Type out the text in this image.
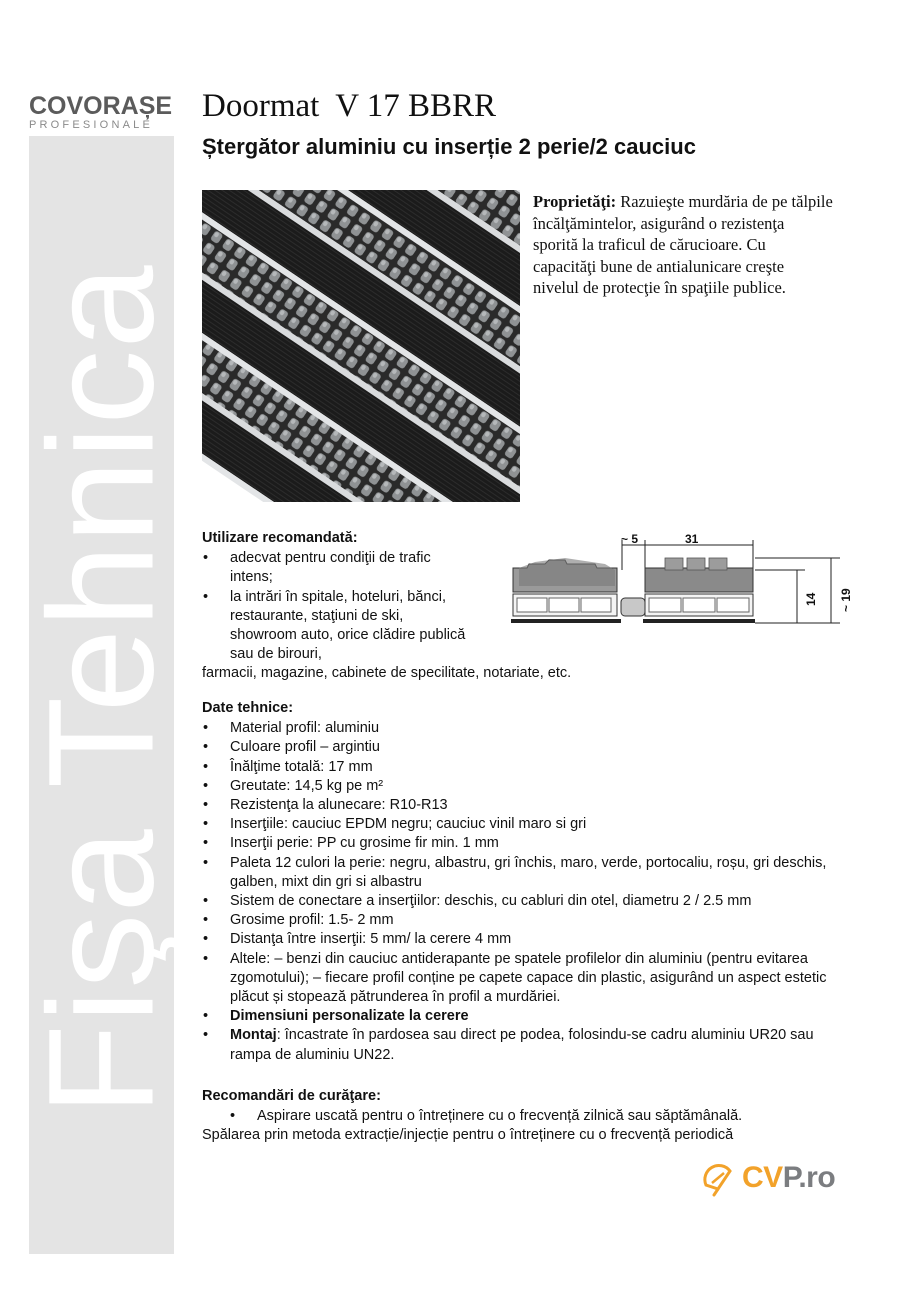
Fişa Tehnica
COVORAȘE
PROFESIONALE
Doormat  V 17 BBRR
Ștergător aluminiu cu inserție 2 perie/2 cauciuc
Proprietăţi: Razuieşte murdăria de pe tălpile încălţămintelor, asigurând o rezistenţa sporită la traficul de cărucioare. Cu capacităţi bune de antialunicare creşte nivelul de protecţie în spaţiile publice.
Utilizare recomandată:
• adecvat pentru condiţii de trafic intens;
• la intrări în spitale, hoteluri, bănci, restaurante, staţiuni de ski, showroom auto, orice clădire publică sau de birouri,
farmacii, magazine, cabinete de specilitate, notariate, etc.
~ 5	31
14 ~ 19
Date tehnice:
• Material profil: aluminiu
• Culoare profil – argintiu
• Înălţime totală: 17 mm
• Greutate: 14,5 kg pe m²
• Rezistenţa la alunecare: R10-R13
• Inserţiile: cauciuc EPDM negru; cauciuc vinil maro si gri
• Inserţii perie: PP cu grosime fir min. 1 mm
• Paleta 12 culori la perie: negru, albastru, gri închis, maro, verde, portocaliu, roșu, gri deschis, galben, mixt din gri si albastru
• Sistem de conectare a inserţiilor: deschis, cu cabluri din otel, diametru 2 / 2.5 mm
• Grosime profil: 1.5- 2 mm
• Distanţa între inserţii: 5 mm/ la cerere 4 mm
• Altele: – benzi din cauciuc antiderapante pe spatele profilelor din aluminiu (pentru evitarea zgomotului); – fiecare profil conține pe capete capace din plastic, asigurând un aspect estetic plăcut și stopează pătrunderea în profil a murdăriei.
• Dimensiuni personalizate la cerere
• Montaj: încastrate în pardosea sau direct pe podea, folosindu-se cadru aluminiu UR20 sau rampa de aluminiu UN22.
Recomandări de curăţare:
• Aspirare uscată pentru o întreținere cu o frecvență zilnică sau săptămânală.
Spălarea prin metoda extracție/injecție pentru o întreținere cu o frecvență periodică
CVP.ro
